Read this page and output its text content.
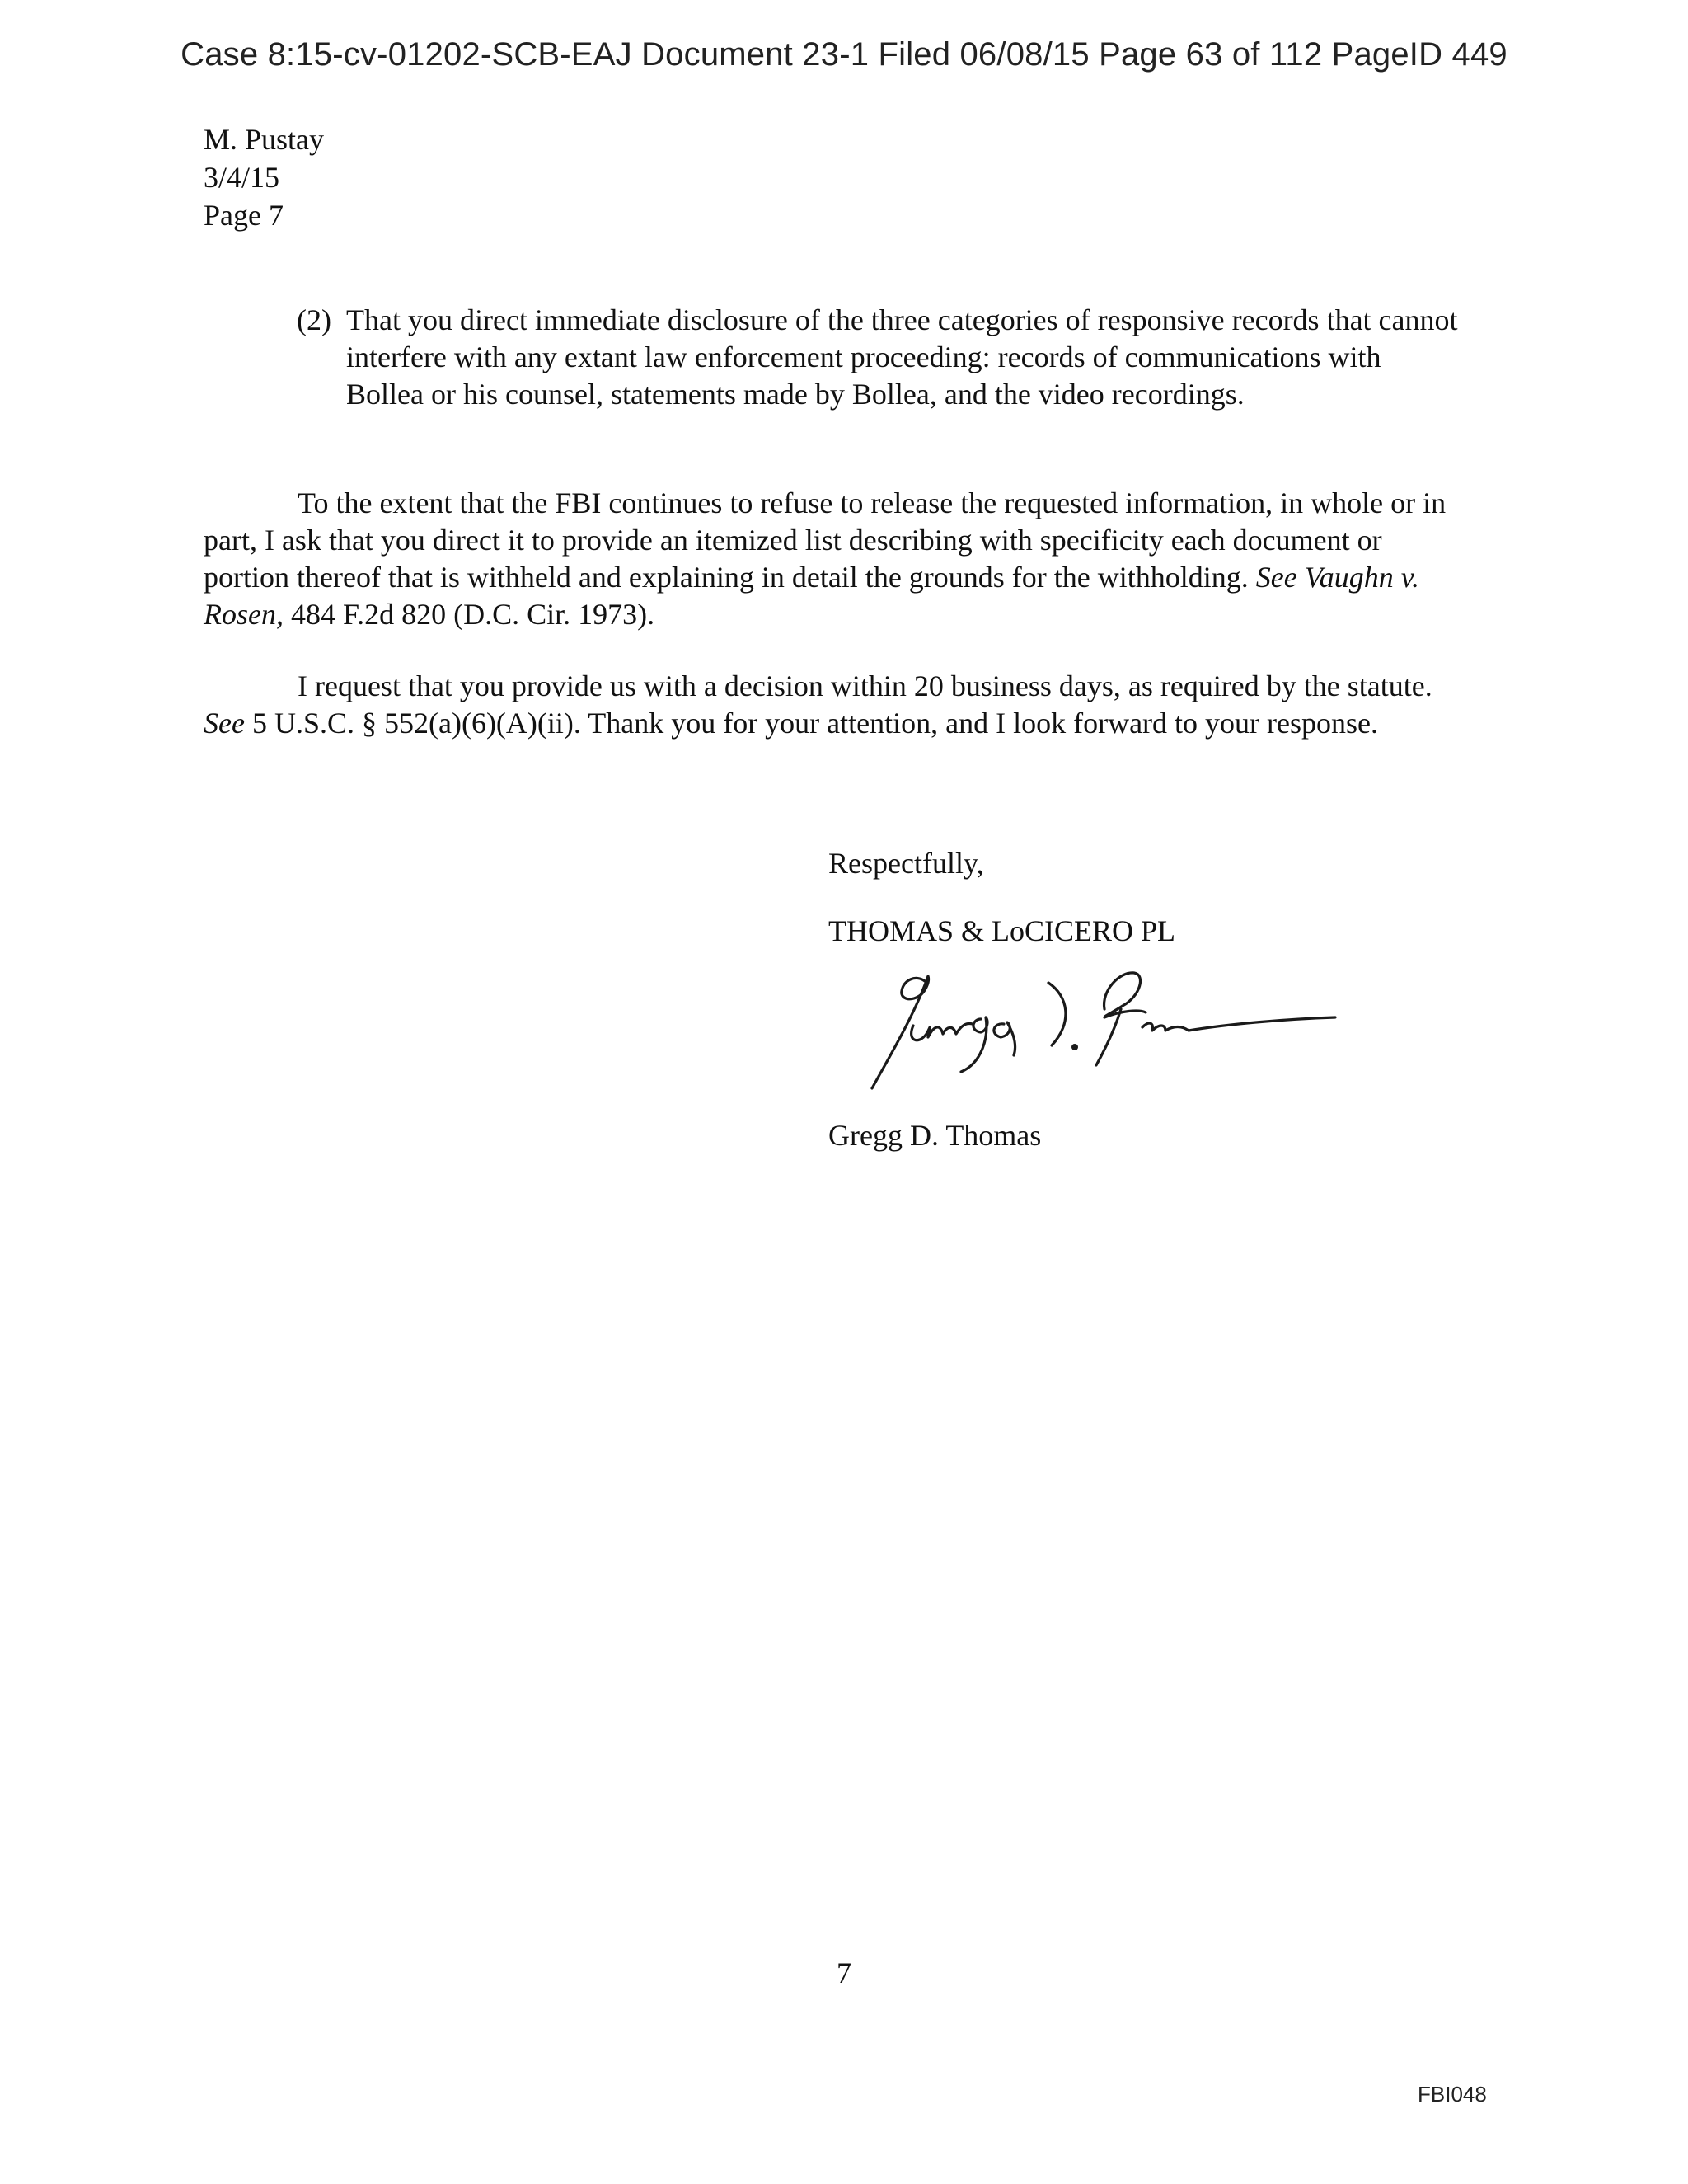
Case 8:15-cv-01202-SCB-EAJ Document 23-1 Filed 06/08/15 Page 63 of 112 PageID 449
M. Pustay
3/4/15
Page 7
(2) That you direct immediate disclosure of the three categories of responsive records that cannot interfere with any extant law enforcement proceeding: records of communications with Bollea or his counsel, statements made by Bollea, and the video recordings.
To the extent that the FBI continues to refuse to release the requested information, in whole or in part, I ask that you direct it to provide an itemized list describing with specificity each document or portion thereof that is withheld and explaining in detail the grounds for the withholding. See Vaughn v. Rosen, 484 F.2d 820 (D.C. Cir. 1973).
I request that you provide us with a decision within 20 business days, as required by the statute. See 5 U.S.C. § 552(a)(6)(A)(ii). Thank you for your attention, and I look forward to your response.
Respectfully,
THOMAS & LoCICERO PL
Gregg D. Thomas
7
FBI048
